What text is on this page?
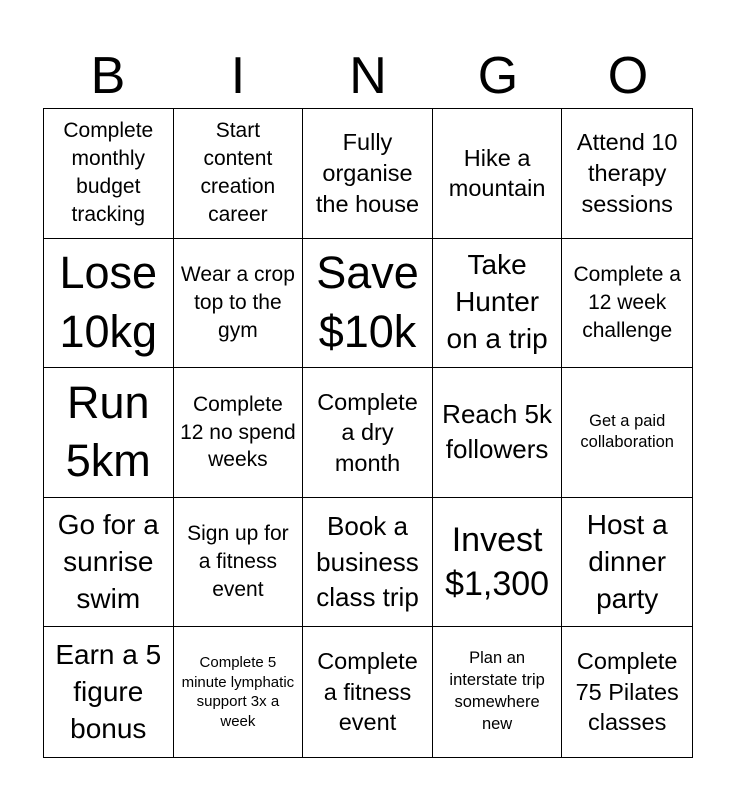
B	I	N	G	O
Complete monthly budget tracking
Start content creation career
Fully organise the house
Hike a mountain
Attend 10 therapy sessions
Lose 10kg
Wear a crop top to the gym
Save $10k
Take Hunter on a trip
Complete a 12 week challenge
Run 5km
Complete 12 no spend weeks
Complete a dry month
Reach 5k followers
Get a paid collaboration
Go for a sunrise swim
Sign up for a fitness event
Book a business class trip
Invest $1,300
Host a dinner party
Earn a 5 figure bonus
Complete 5 minute lymphatic support 3x a week
Complete a fitness event
Plan an interstate trip somewhere new
Complete 75 Pilates classes
